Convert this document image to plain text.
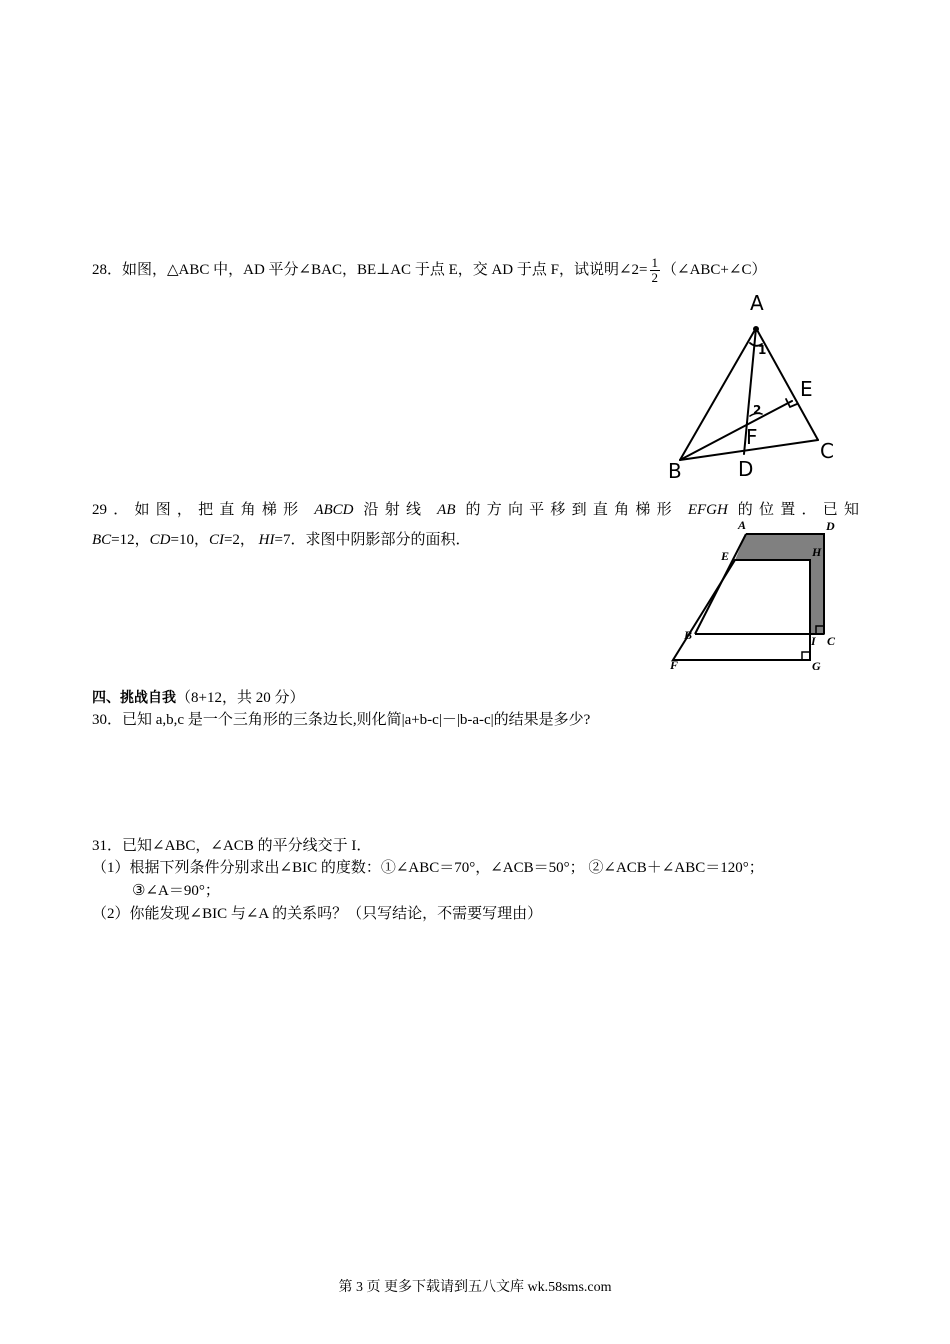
28．如图，△ABC 中，AD 平分∠BAC，BE⊥AC 于点 E，交 AD 于点 F，试说明∠2= $\frac{1}{2}$ （∠ABC+∠C）
A
B
C
D
E
F
1
2
29．如图，把直角梯形 ABCD 沿射线 AB 的方向平移到直角梯形 EFGH 的位置．已知
BC=12，CD=10，CI=2， HI=7．求图中阴影部分的面积．
A	D
E	H
B	I C
F	G
四、挑战自我（8+12，共 20 分）
30．已知 a,b,c 是一个三角形的三条边长,则化简|a+b-c|－|b-a-c|的结果是多少?
31．已知∠ABC，∠ACB 的平分线交于 I．
（1）根据下列条件分别求出∠BIC 的度数：①∠ABC＝70°，∠ACB＝50°； ②∠ACB＋∠ABC＝120°；
③∠A＝90°；
（2）你能发现∠BIC 与∠A 的关系吗？（只写结论，不需要写理由）
第 3 页 更多下载请到五八文库 wk.58sms.com
